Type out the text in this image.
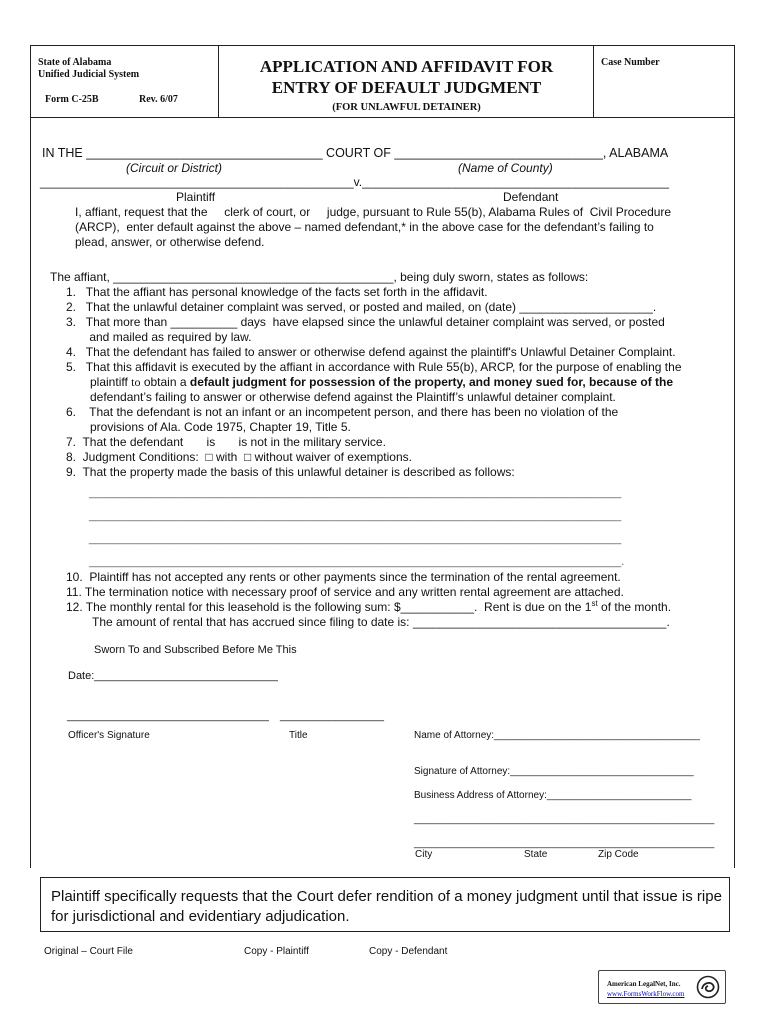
State of Alabama
Unified Judicial System
Form C-25B	Rev. 6/07
APPLICATION AND AFFIDAVIT FOR
ENTRY OF DEFAULT JUDGMENT
(FOR UNLAWFUL DETAINER)
Case Number
IN THE __________________________________ COURT OF ______________________________, ALABAMA
(Circuit or District)	(Name of County)
_______________________________________________v.______________________________________________
Plaintiff	Defendant
I, affiant, request that the     clerk of court, or     judge, pursuant to Rule 55(b), Alabama Rules of  Civil Procedure
(ARCP),  enter default against the above – named defendant,* in the above case for the defendant’s failing to
plead, answer, or otherwise defend.
The affiant, __________________________________________, being duly sworn, states as follows:
1.   That the affiant has personal knowledge of the facts set forth in the affidavit.
2.   That the unlawful detainer complaint was served, or posted and mailed, on (date) ____________________.
3.   That more than __________ days  have elapsed since the unlawful detainer complaint was served, or posted
and mailed as required by law.
4.   That the defendant has failed to answer or otherwise defend against the plaintiff's Unlawful Detainer Complaint.
5.   That this affidavit is executed by the affiant in accordance with Rule 55(b), ARCP, for the purpose of enabling the
plaintiff to obtain a default judgment for possession of the property, and money sued for, because of the
defendant’s failing to answer or otherwise defend against the Plaintiff’s unlawful detainer complaint.
6.    That the defendant is not an infant or an incompetent person, and there has been no violation of the
provisions of Ala. Code 1975, Chapter 19, Title 5.
7.  That the defendant       is       is not in the military service.
8.  Judgment Conditions:  □ with  □ without waiver of exemptions.
9.  That the property made the basis of this unlawful detainer is described as follows:
_______________________________________________________________________________________
_______________________________________________________________________________________
_______________________________________________________________________________________
_______________________________________________________________________________________.
10.  Plaintiff has not accepted any rents or other payments since the termination of the rental agreement.
11. The termination notice with necessary proof of service and any written rental agreement are attached.
12. The monthly rental for this leasehold is the following sum: $___________.  Rent is due on the 1st of the month.
The amount of rental that has accrued since filing to date is: ______________________________________.
Sworn To and Subscribed Before Me This
Date:______________________________
_________________________________ _________________
Officer's Signature	Title	Name of Attorney:_____________________________________
Signature of Attorney:_________________________________
Business Address of Attorney:__________________________
______________________________________________________
______________________________________________________
City	State	Zip Code
Plaintiff specifically requests that the Court defer rendition of a money judgment until that issue is ripe for jurisdictional and evidentiary adjudication.
Original – Court File	Copy - Plaintiff	Copy - Defendant
American LegalNet, Inc.
www.FormsWorkFlow.com
